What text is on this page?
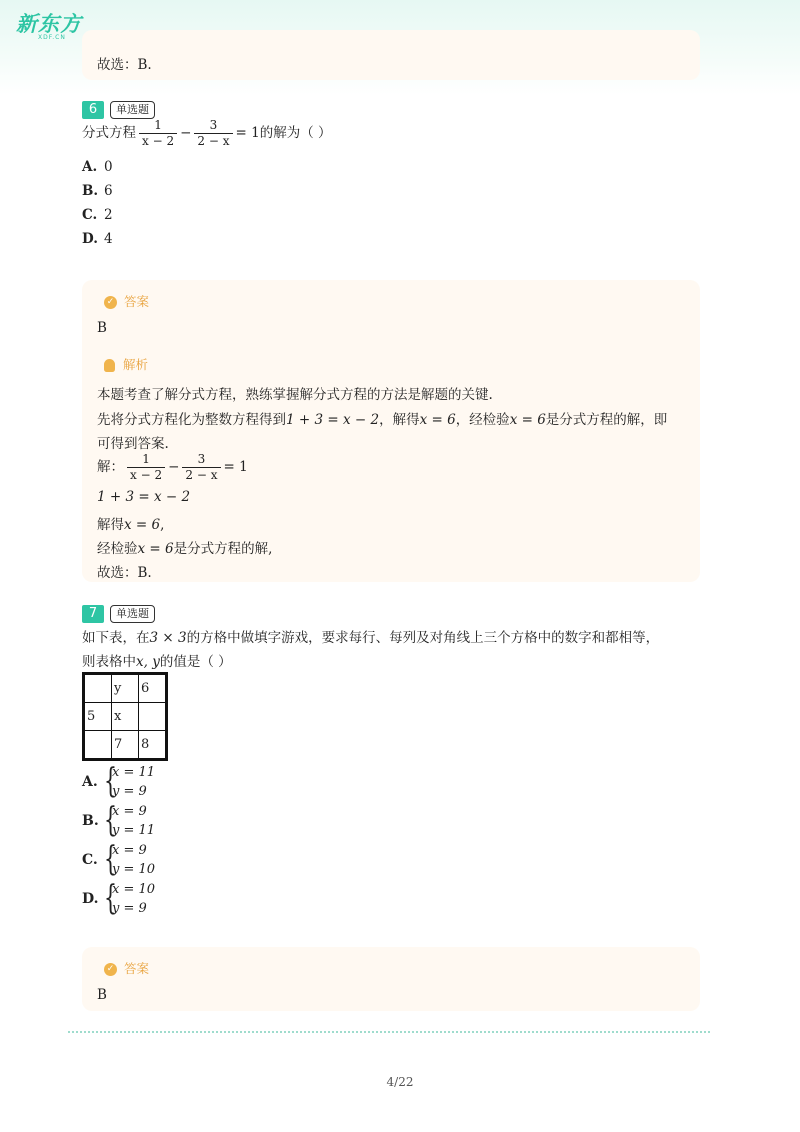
新东方
XDF.CN
故选：B.
6 单选题
分式方程 $\frac{1}{x - 2} - \frac{3}{2 - x} = 1$的解为（ ）
A. 0
B. 6
C. 2
D. 4
✓ 答案
B
解析
本题考查了解分式方程，熟练掌握解分式方程的方法是解题的关键.
先将分式方程化为整数方程得到1 + 3 = x − 2，解得x = 6，经检验x = 6是分式方程的解，即
可得到答案.
解： $\frac{1}{x - 2} - \frac{3}{2 - x} = 1$
1 + 3 = x − 2
解得x = 6,
经检验x = 6是分式方程的解,
故选：B.
7 单选题
如下表，在3 × 3的方格中做填字游戏，要求每行、每列及对角线上三个方格中的数字和都相等，
则表格中x, y的值是（ ）
	y	6
5	x	
	7	8
A. {
x = 11
y = 9
B. {
x = 9
y = 11
C. {
x = 9
y = 10
D. {
x = 10
y = 9
✓ 答案
B
4/22
